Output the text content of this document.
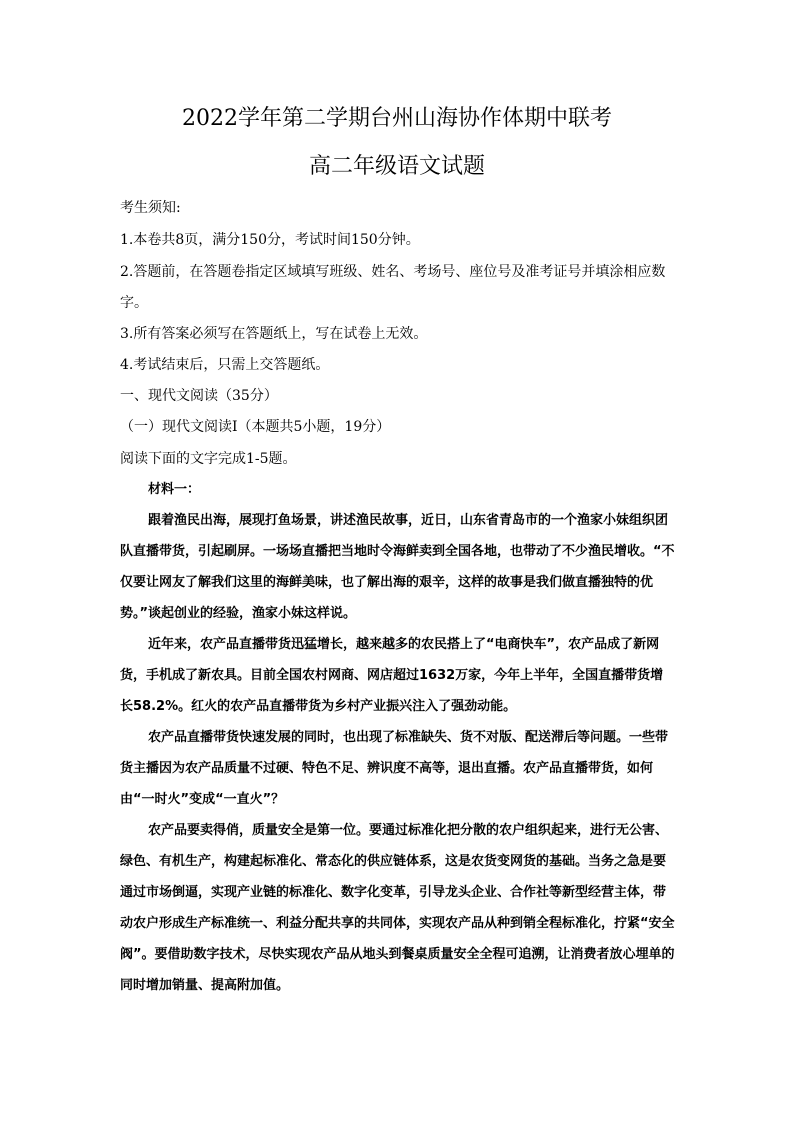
2022学年第二学期台州山海协作体期中联考
高二年级语文试题
考生须知:
1.本卷共8页，满分150分，考试时间150分钟。
2.答题前，在答题卷指定区域填写班级、姓名、考场号、座位号及准考证号并填涂相应数
字。
3.所有答案必须写在答题纸上，写在试卷上无效。
4.考试结束后，只需上交答题纸。
一、现代文阅读（35分）
（一）现代文阅读Ⅰ（本题共5小题，19分）
阅读下面的文字完成1-5题。
材料一：

跟着渔民出海，展现打鱼场景，讲述渔民故事，近日，山东省青岛市的一个渔家小妹组织团队直播带货，引起刷屏。一场场直播把当地时令海鲜卖到全国各地，也带动了不少渔民增收。“不仅要让网友了解我们这里的海鲜美味，也了解出海的艰辛，这样的故事是我们做直播独特的优势。”谈起创业的经验，渔家小妹这样说。

近年来，农产品直播带货迅猛增长，越来越多的农民搭上了“电商快车”，农产品成了新网货，手机成了新农具。目前全国农村网商、网店超过1632万家，今年上半年，全国直播带货增长58.2%。红火的农产品直播带货为乡村产业振兴注入了强劲动能。

农产品直播带货快速发展的同时，也出现了标准缺失、货不对版、配送滞后等问题。一些带货主播因为农产品质量不过硬、特色不足、辨识度不高等，退出直播。农产品直播带货，如何由“一时火”变成“一直火”？

农产品要卖得俏，质量安全是第一位。要通过标准化把分散的农户组织起来，进行无公害、绿色、有机生产，构建起标准化、常态化的供应链体系，这是农货变网货的基础。当务之急是要通过市场倒逼，实现产业链的标准化、数字化变革，引导龙头企业、合作社等新型经营主体，带动农户形成生产标准统一、利益分配共享的共同体，实现农产品从种到销全程标准化，拧紧“安全阀”。要借助数字技术，尽快实现农产品从地头到餐桌质量安全全程可追溯，让消费者放心埋单的同时增加销量、提高附加值。
